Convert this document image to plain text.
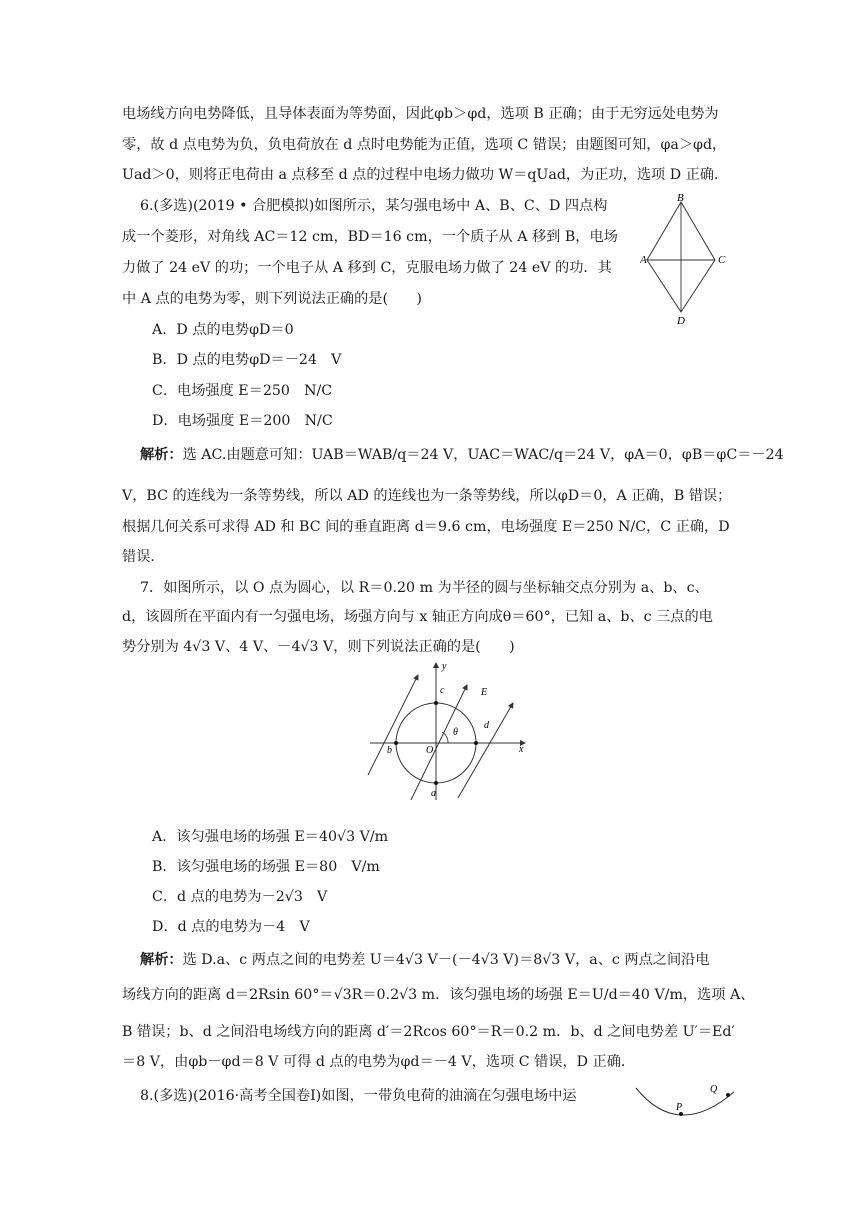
电场线方向电势降低，且导体表面为等势面，因此φb＞φd，选项 B 正确；由于无穷远处电势为
零，故 d 点电势为负，负电荷放在 d 点时电势能为正值，选项 C 错误；由题图可知，φa＞φd，
Uad＞0，则将正电荷由 a 点移至 d 点的过程中电场力做功 W＝qUad，为正功，选项 D 正确．
6.(多选)(2019 • 合肥模拟)如图所示，某匀强电场中 A、B、C、D 四点构
成一个菱形，对角线 AC＝12 cm，BD＝16 cm，一个质子从 A 移到 B，电场
力做了 24 eV 的功；一个电子从 A 移到 C，克服电场力做了 24 eV 的功．其
中 A 点的电势为零，则下列说法正确的是(　　)
A．D 点的电势φD＝0
B．D 点的电势φD＝－24　V
C．电场强度 E＝250　N/C
D．电场强度 E＝200　N/C
B
A	C
D
解析：选 AC.由题意可知：UAB＝WAB/q＝24 V，UAC＝WAC/q＝24 V，φA＝0，φB＝φC＝－24
V，BC 的连线为一条等势线，所以 AD 的连线也为一条等势线，所以φD＝0，A 正确，B 错误；
根据几何关系可求得 AD 和 BC 间的垂直距离 d＝9.6 cm，电场强度 E＝250 N/C，C 正确，D
错误．
7．如图所示，以 O 点为圆心，以 R＝0.20 m 为半径的圆与坐标轴交点分别为 a、b、c、
d，该圆所在平面内有一匀强电场，场强方向与 x 轴正方向成θ＝60°，已知 a、b、c 三点的电
势分别为 4√3 V、4 V、－4√3 V，则下列说法正确的是(　　)
θ
y
x
c	E
d
b	O
a
A．该匀强电场的场强 E＝40√3 V/m
B．该匀强电场的场强 E＝80　V/m
C．d 点的电势为－2√3　V
D．d 点的电势为－4　V
解析：选 D.a、c 两点之间的电势差 U＝4√3 V－(－4√3 V)＝8√3 V，a、c 两点之间沿电
场线方向的距离 d＝2Rsin 60°＝√3R＝0.2√3 m．该匀强电场的场强 E＝U/d＝40 V/m，选项 A、
B 错误；b、d 之间沿电场线方向的距离 d′＝2Rcos 60°＝R＝0.2 m．b、d 之间电势差 U′＝Ed′
＝8 V，由φb－φd＝8 V 可得 d 点的电势为φd＝－4 V，选项 C 错误，D 正确．
8.(多选)(2016·高考全国卷Ⅰ)如图，一带负电荷的油滴在匀强电场中运
P
Q
